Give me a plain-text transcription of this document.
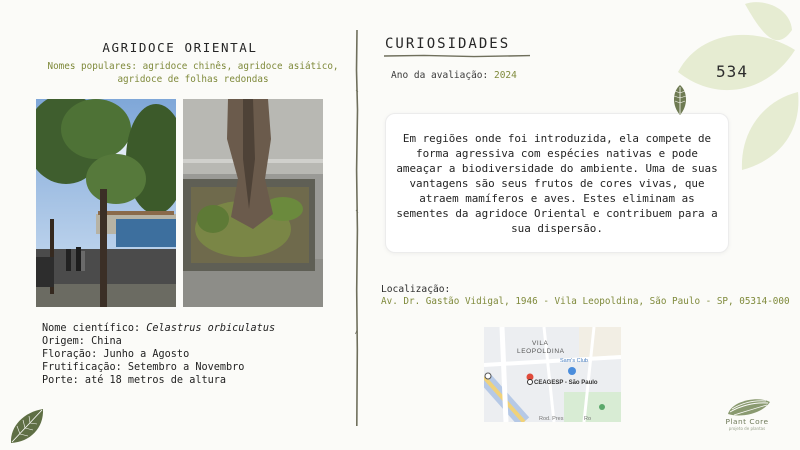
AGRIDOCE ORIENTAL
Nomes populares: agridoce chinês, agridoce asiático, agridoce de folhas redondas
Nome científico: Celastrus orbiculatus
Origem: China
Floração: Junho a Agosto
Frutificação: Setembro a Novembro
Porte: até 18 metros de altura
CURIOSIDADES
Ano da avaliação: 2024

Em regiões onde foi introduzida, ela compete de forma agressiva com espécies nativas e pode ameaçar a biodiversidade do ambiente. Uma de suas vantagens são seus frutos de cores vivas, que atraem mamíferos e aves. Estes eliminam as sementes da agridoce Oriental e contribuem para a sua dispersão.

Localização:
Av. Dr. Gastão Vidigal, 1946 - Vila Leopoldina, São Paulo - SP, 05314-000
VILA
LEOPOLDINA
Sam's Club
CEAGESP - São Paulo
Rod. Pres	Ro
534
Plant Core
projeto de plantas
